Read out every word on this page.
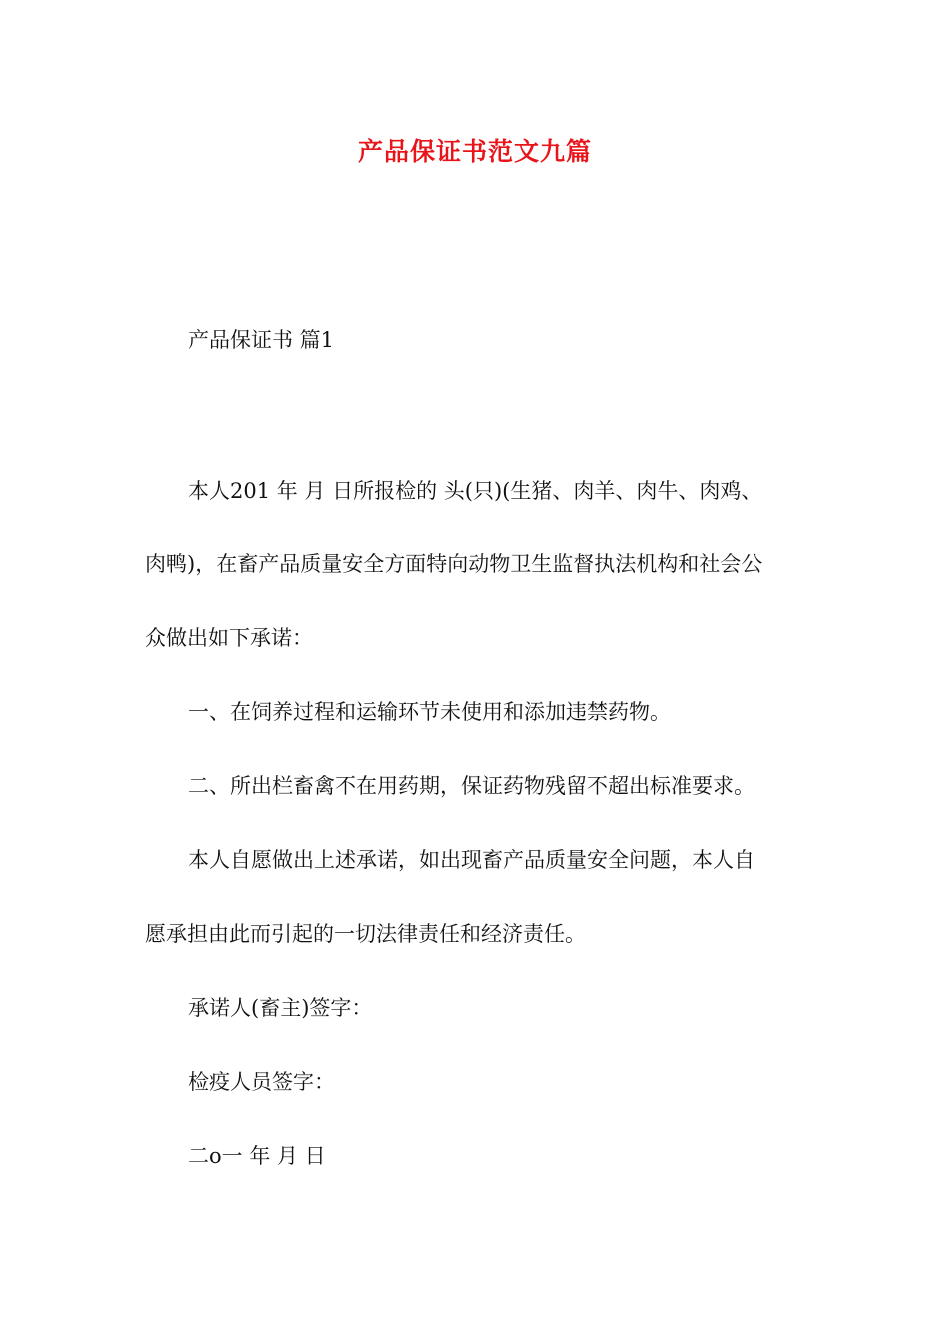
产品保证书范文九篇
产品保证书 篇1
本人201 年 月 日所报检的 头(只)(生猪、肉羊、肉牛、肉鸡、
肉鸭)，在畜产品质量安全方面特向动物卫生监督执法机构和社会公
众做出如下承诺：
一、在饲养过程和运输环节未使用和添加违禁药物。
二、所出栏畜禽不在用药期，保证药物残留不超出标准要求。
本人自愿做出上述承诺，如出现畜产品质量安全问题，本人自
愿承担由此而引起的一切法律责任和经济责任。
承诺人(畜主)签字：
检疫人员签字：
二o一 年 月 日
